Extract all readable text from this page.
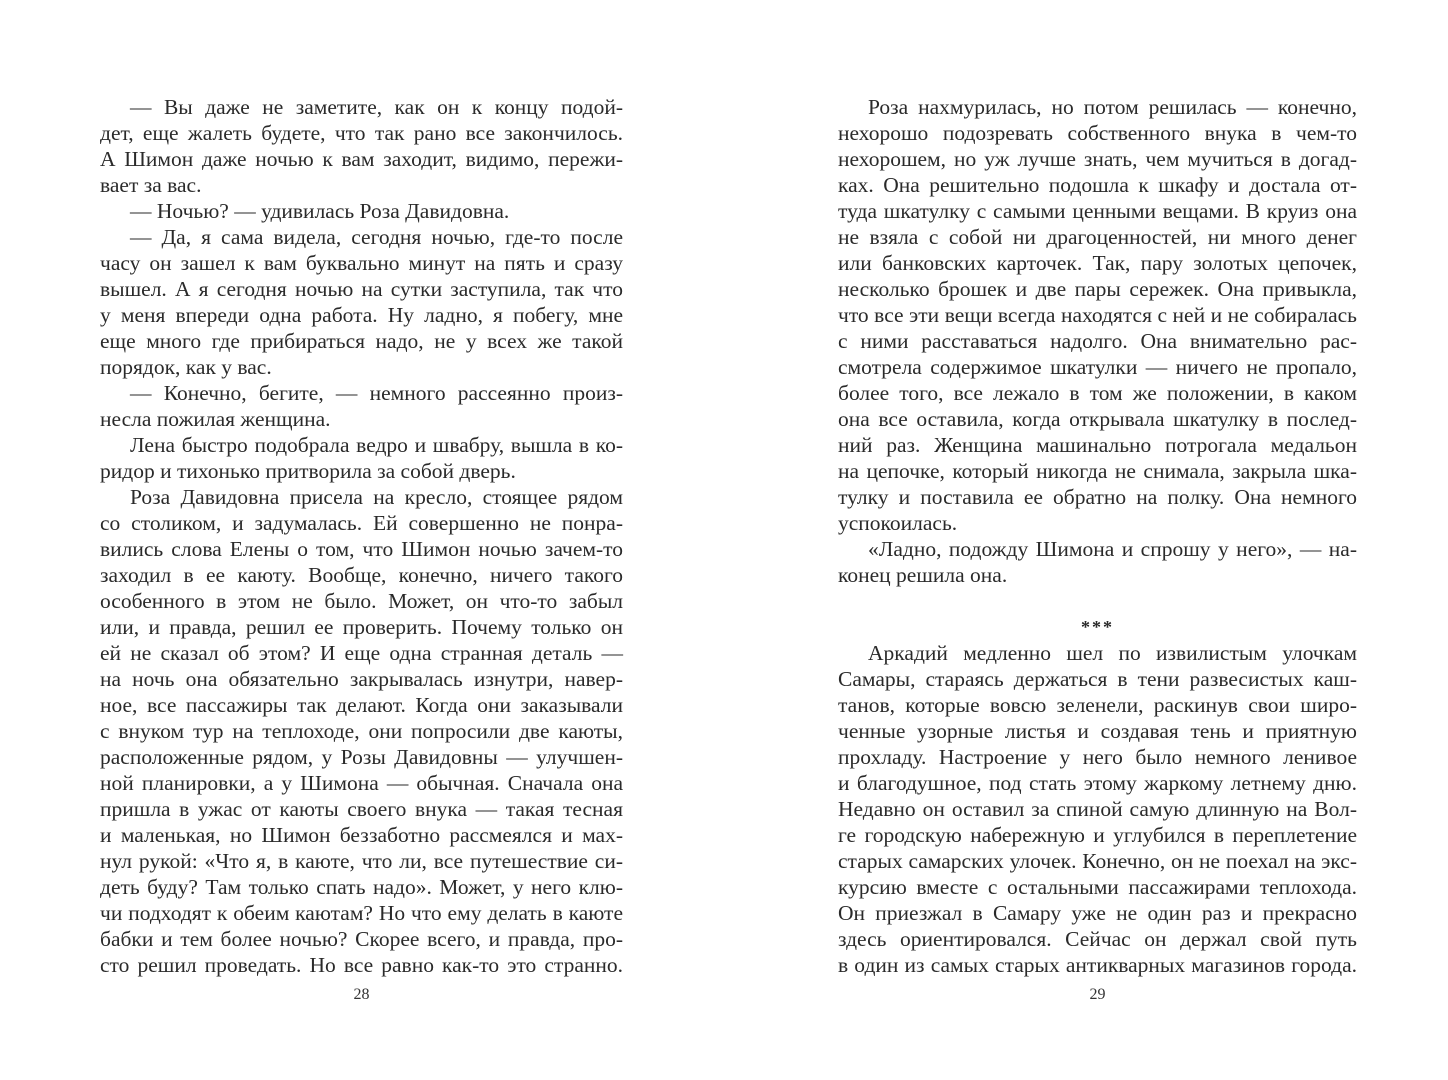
— Вы даже не заметите, как он к концу подой-
дет, еще жалеть будете, что так рано все закончилось.
А Шимон даже ночью к вам заходит, видимо, пережи-
вает за вас.
— Ночью? — удивилась Роза Давидовна.
— Да, я сама видела, сегодня ночью, где-то после
часу он зашел к вам буквально минут на пять и сразу
вышел. А я сегодня ночью на сутки заступила, так что
у меня впереди одна работа. Ну ладно, я побегу, мне
еще много где прибираться надо, не у всех же такой
порядок, как у вас.
— Конечно, бегите, — немного рассеянно произ-
несла пожилая женщина.
Лена быстро подобрала ведро и швабру, вышла в ко-
ридор и тихонько притворила за собой дверь.
Роза Давидовна присела на кресло, стоящее рядом
со столиком, и задумалась. Ей совершенно не понра-
вились слова Елены о том, что Шимон ночью зачем-то
заходил в ее каюту. Вообще, конечно, ничего такого
особенного в этом не было. Может, он что-то забыл
или, и правда, решил ее проверить. Почему только он
ей не сказал об этом? И еще одна странная деталь —
на ночь она обязательно закрывалась изнутри, навер-
ное, все пассажиры так делают. Когда они заказывали
с внуком тур на теплоходе, они попросили две каюты,
расположенные рядом, у Розы Давидовны — улучшен-
ной планировки, а у Шимона — обычная. Сначала она
пришла в ужас от каюты своего внука — такая тесная
и маленькая, но Шимон беззаботно рассмеялся и мах-
нул рукой: «Что я, в каюте, что ли, все путешествие си-
деть буду? Там только спать надо». Может, у него клю-
чи подходят к обеим каютам? Но что ему делать в каюте
бабки и тем более ночью? Скорее всего, и правда, про-
сто решил проведать. Но все равно как-то это странно.
28
Роза нахмурилась, но потом решилась — конечно,
нехорошо подозревать собственного внука в чем-то
нехорошем, но уж лучше знать, чем мучиться в догад-
ках. Она решительно подошла к шкафу и достала от-
туда шкатулку с самыми ценными вещами. В круиз она
не взяла с собой ни драгоценностей, ни много денег
или банковских карточек. Так, пару золотых цепочек,
несколько брошек и две пары сережек. Она привыкла,
что все эти вещи всегда находятся с ней и не собиралась
с ними расставаться надолго. Она внимательно рас-
смотрела содержимое шкатулки — ничего не пропало,
более того, все лежало в том же положении, в каком
она все оставила, когда открывала шкатулку в послед-
ний раз. Женщина машинально потрогала медальон
на цепочке, который никогда не снимала, закрыла шка-
тулку и поставила ее обратно на полку. Она немного
успокоилась.
«Ладно, подожду Шимона и спрошу у него», — на-
конец решила она.
***
Аркадий медленно шел по извилистым улочкам
Самары, стараясь держаться в тени развесистых каш-
танов, которые вовсю зеленели, раскинув свои широ-
ченные узорные листья и создавая тень и приятную
прохладу. Настроение у него было немного ленивое
и благодушное, под стать этому жаркому летнему дню.
Недавно он оставил за спиной самую длинную на Вол-
ге городскую набережную и углубился в переплетение
старых самарских улочек. Конечно, он не поехал на экс-
курсию вместе с остальными пассажирами теплохода.
Он приезжал в Самару уже не один раз и прекрасно
здесь ориентировался. Сейчас он держал свой путь
в один из самых старых антикварных магазинов города.
29
